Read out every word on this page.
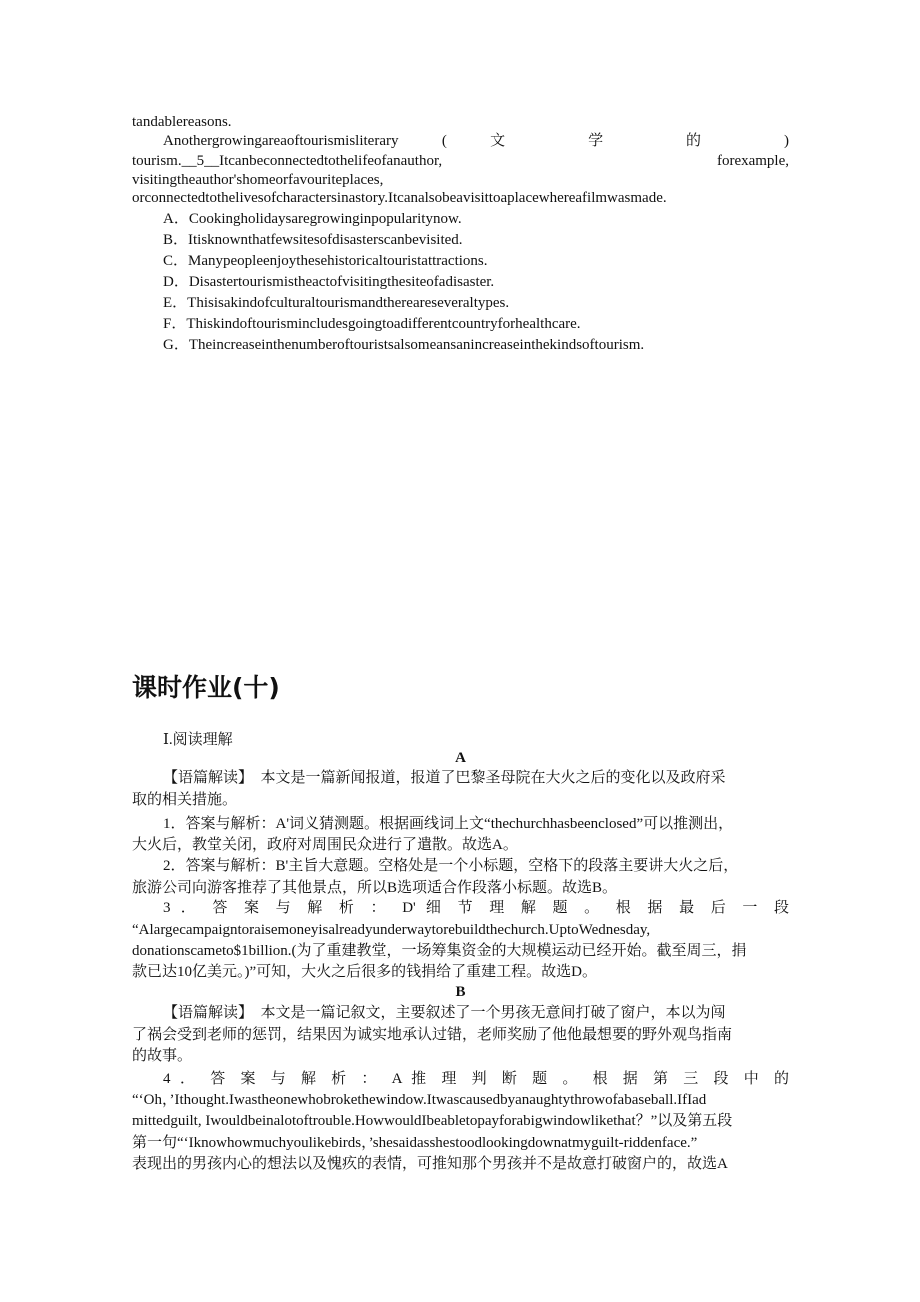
课时作业(十)
Ⅰ.阅读理解
tandablereasons.
Anothergrowingareaoftourismisliterary ( 文 学 的 )
tourism.__5__Itcanbeconnectedtothelifeofanauthor, forexample,
visitingtheauthor'shomeorfavouriteplaces,
orconnectedtothelivesofcharactersinastory.Itcanalsobeavisittoaplacewhereafilmwasmade.
A．Cookingholidaysaregrowinginpopularitynow.
B．Itisknownthatfewsitesofdisasterscanbevisited.
C．Manypeopleenjoythesehistoricaltouristattractions.
D．Disastertourismistheactofvisitingthesiteofadisaster.
E．Thisisakindofculturaltourismandthereareseveraltypes.
F．Thiskindoftourismincludesgoingtoadifferentcountryforhealthcare.
G．Theincreaseinthenumberoftouristsalsomeansanincreaseinthekindsoftourism.
A
【语篇解读】　本文是一篇新闻报道，报道了巴黎圣母院在大火之后的变化以及政府采
取的相关措施。
1．答案与解析：A'词义猜测题。根据画线词上文“thechurchhasbeenclosed”可以推测出，
大火后，教堂关闭，政府对周围民众进行了遣散。故选A。
2．答案与解析：B'主旨大意题。空格处是一个小标题，空格下的段落主要讲大火之后，
旅游公司向游客推荐了其他景点，所以B选项适合作段落小标题。故选B。
3 ． 答 案 与 解 析 ： D' 细 节 理 解 题 。 根 据 最 后 一 段
“Alargecampaigntoraisemoneyisalreadyunderwaytorebuildthechurch.UptoWednesday,
donationscameto$1billion.(为了重建教堂，一场筹集资金的大规模运动已经开始。截至周三，捐
款已达10亿美元。)”可知，大火之后很多的钱捐给了重建工程。故选D。
B
【语篇解读】　本文是一篇记叙文，主要叙述了一个男孩无意间打破了窗户，本以为闯
了祸会受到老师的惩罚，结果因为诚实地承认过错，老师奖励了他他最想要的野外观鸟指南
的故事。
4 ． 答 案 与 解 析 ： A 推 理 判 断 题 。 根 据 第 三 段 中 的
“‘Oh，’Ithought.Iwastheonewhobrokethewindow.Itwascausedbyanaughtythrowofabaseball.IfIad
mittedguilt, Iwouldbeinalotoftrouble.HowwouldIbeabletopayforabigwindowlikethat？”以及第五段
第一句“‘Iknowhowmuchyoulikebirds，’shesaidasshestoodlookingdownatmyguilt-riddenface.”
表现出的男孩内心的想法以及愧疚的表情，可推知那个男孩并不是故意打破窗户的，故选A
